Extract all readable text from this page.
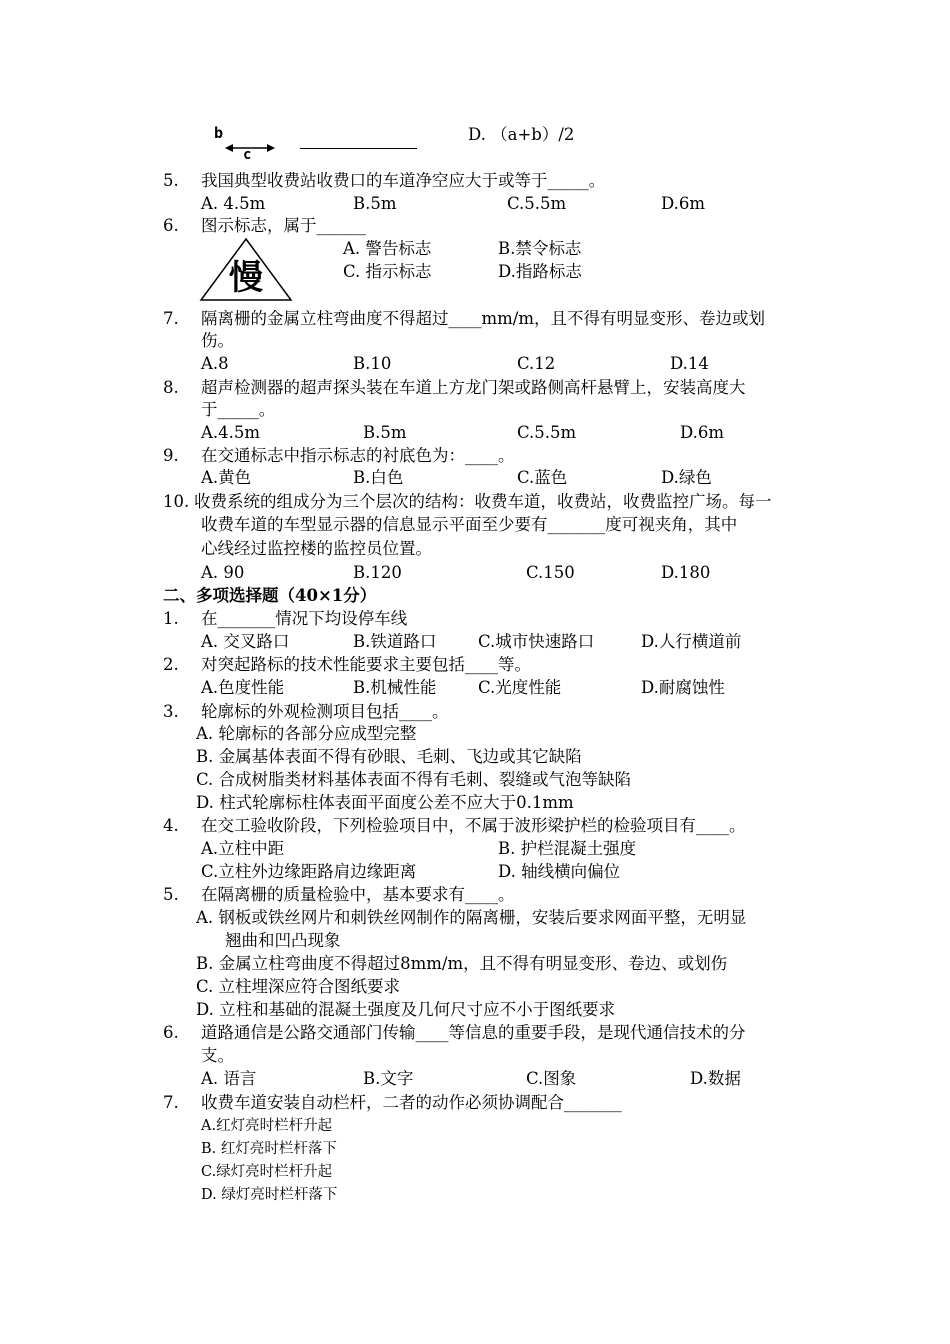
b
c
D. （a+b）/2
5. 我国典型收费站收费口的车道净空应大于或等于_____。
A. 4.5m	B.5m	C.5.5m	D.6m
6. 图示标志，属于______
慢
A. 警告标志	B.禁令标志
C. 指示标志	D.指路标志
7. 隔离栅的金属立柱弯曲度不得超过____mm/m，且不得有明显变形、卷边或划
伤。
A.8	B.10	C.12	D.14
8. 超声检测器的超声探头装在车道上方龙门架或路侧高杆悬臂上，安装高度大
于_____。
A.4.5m	B.5m	C.5.5m	D.6m
9. 在交通标志中指示标志的衬底色为：____。
A.黄色	B.白色	C.蓝色	D.绿色
10. 收费系统的组成分为三个层次的结构：收费车道，收费站，收费监控广场。每一
收费车道的车型显示器的信息显示平面至少要有_______度可视夹角，其中
心线经过监控楼的监控员位置。
A. 90	B.120	C.150	D.180
二、多项选择题（40×1分）
1. 在_______情况下均设停车线
A. 交叉路口	B.铁道路口	C.城市快速路口	D.人行横道前
2. 对突起路标的技术性能要求主要包括____等。
A.色度性能	B.机械性能	C.光度性能	D.耐腐蚀性
3. 轮廓标的外观检测项目包括____。
A. 轮廓标的各部分应成型完整
B. 金属基体表面不得有砂眼、毛刺、飞边或其它缺陷
C. 合成树脂类材料基体表面不得有毛刺、裂缝或气泡等缺陷
D. 柱式轮廓标柱体表面平面度公差不应大于0.1mm
4. 在交工验收阶段，下列检验项目中，不属于波形梁护栏的检验项目有____。
A.立柱中距	B. 护栏混凝土强度
C.立柱外边缘距路肩边缘距离	D. 轴线横向偏位
5. 在隔离栅的质量检验中，基本要求有____。
A. 钢板或铁丝网片和刺铁丝网制作的隔离栅，安装后要求网面平整，无明显
翘曲和凹凸现象
B. 金属立柱弯曲度不得超过8mm/m，且不得有明显变形、卷边、或划伤
C. 立柱埋深应符合图纸要求
D. 立柱和基础的混凝土强度及几何尺寸应不小于图纸要求
6. 道路通信是公路交通部门传输____等信息的重要手段，是现代通信技术的分
支。
A. 语言	B.文字	C.图象	D.数据
7. 收费车道安装自动栏杆，二者的动作必须协调配合_______
A.红灯亮时栏杆升起
B. 红灯亮时栏杆落下
C.绿灯亮时栏杆升起
D. 绿灯亮时栏杆落下
